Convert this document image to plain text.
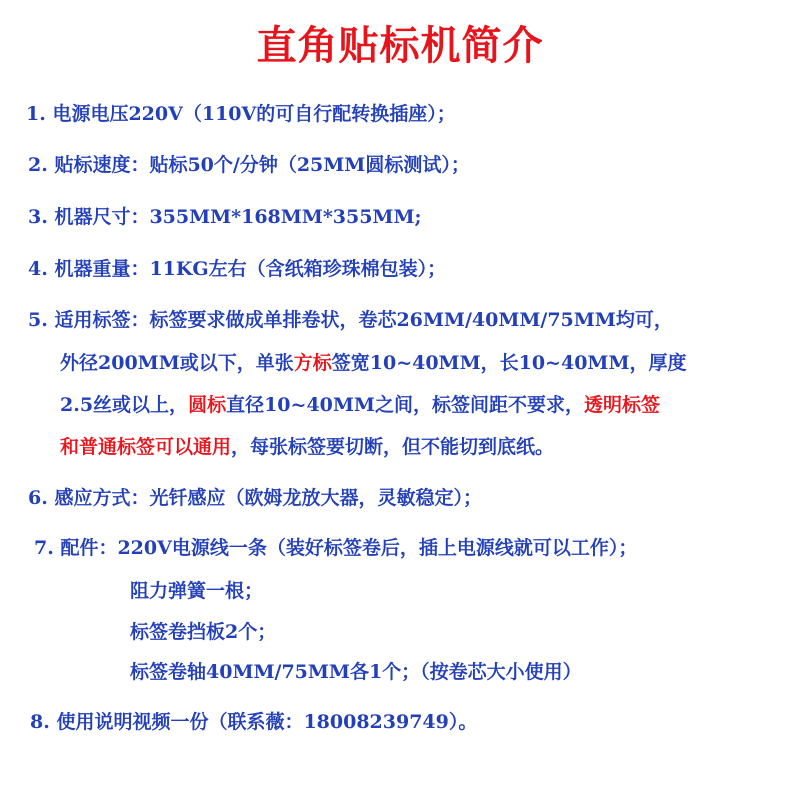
直角贴标机简介
1. 电源电压220V（110V的可自行配转换插座）；
2. 贴标速度：贴标50个/分钟（25MM圆标测试）；
3. 机器尺寸：355MM*168MM*355MM;
4. 机器重量：11KG左右（含纸箱珍珠棉包装）；
5. 适用标签：标签要求做成单排卷状，卷芯26MM/40MM/75MM均可，
外径200MM或以下，单张方标签宽10~40MM，长10~40MM，厚度
2.5丝或以上，圆标直径10~40MM之间，标签间距不要求，透明标签
和普通标签可以通用，每张标签要切断，但不能切到底纸。
6. 感应方式：光钎感应（欧姆龙放大器，灵敏稳定）；
7. 配件：220V电源线一条（装好标签卷后，插上电源线就可以工作）；
阻力弹簧一根；
标签卷挡板2个；
标签卷轴40MM/75MM各1个；（按卷芯大小使用）
8. 使用说明视频一份（联系薇：18008239749）。
